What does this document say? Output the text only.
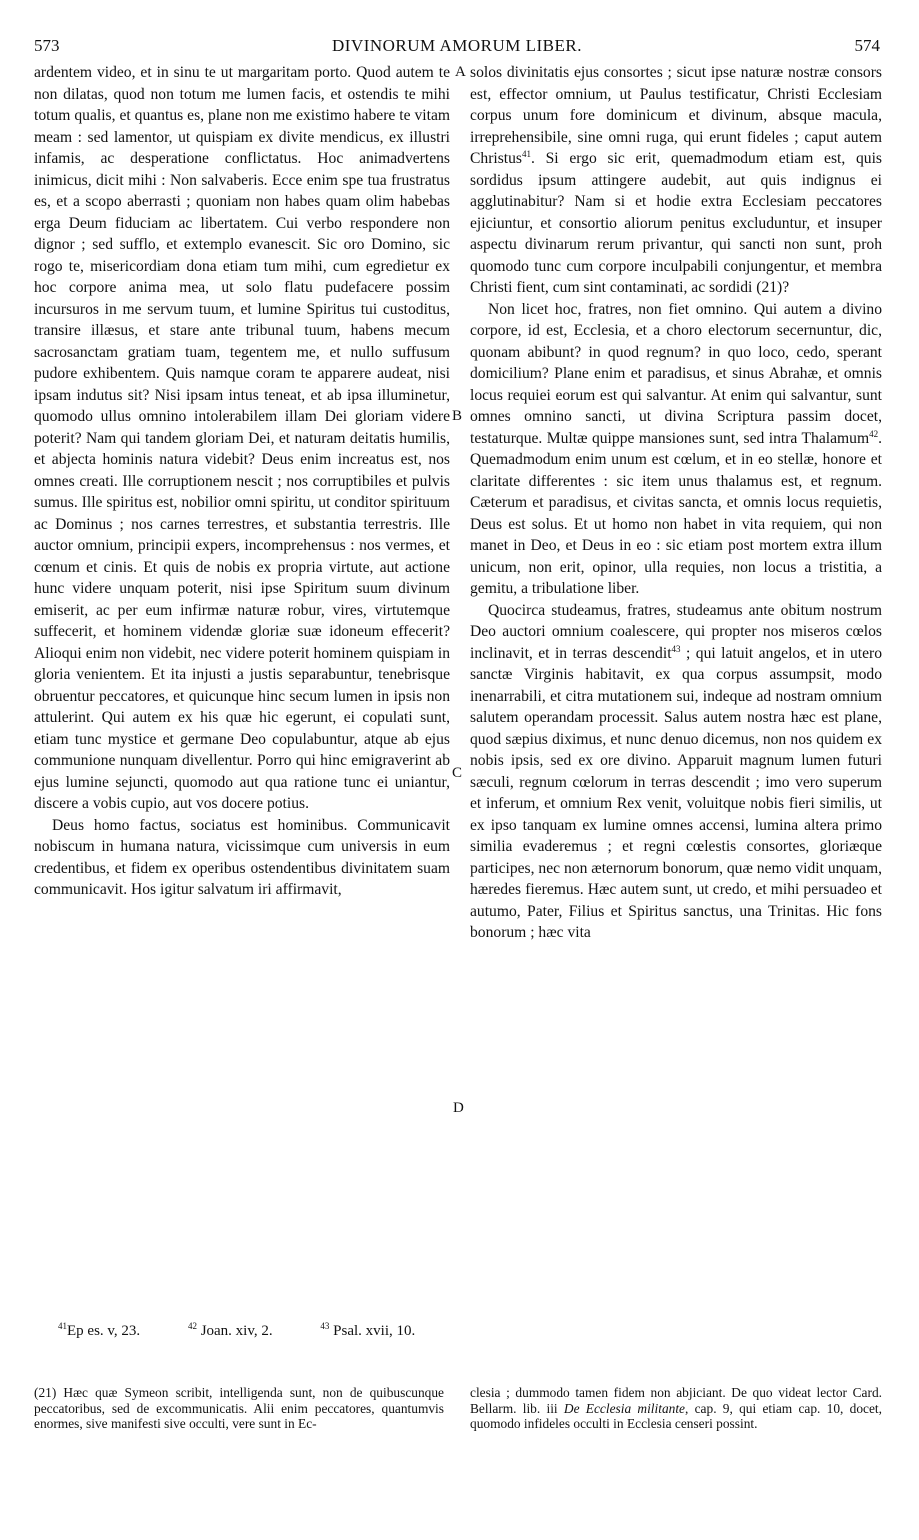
573	DIVINORUM AMORUM LIBER.	574

ardentem video, et in sinu te ut margaritam porto. Quod autem te non dilatas, quod non totum me lumen facis, et ostendis te mihi totum qualis, et quantus es, plane non me existimo habere te vitam meam : sed lamentor, ut quispiam ex divite mendicus, ex illustri infamis, ac desperatione conflictatus. Hoc animadvertens inimicus, dicit mihi : Non salvaberis. Ecce enim spe tua frustratus es, et a scopo aberrasti ; quoniam non habes quam olim habebas erga Deum fiduciam ac libertatem. Cui verbo respondere non dignor ; sed sufflo, et extemplo evanescit. Sic oro Domino, sic rogo te, misericordiam dona etiam tum mihi, cum egredietur ex hoc corpore anima mea, ut solo flatu pudefacere possim incursuros in me servum tuum, et lumine Spiritus tui custoditus, transire illæsus, et stare ante tribunal tuum, habens mecum sacrosanctam gratiam tuam, tegentem me, et nullo suffusum pudore exhibentem. Quis namque coram te apparere audeat, nisi ipsam indutus sit? Nisi ipsam intus teneat, et ab ipsa illuminetur, quomodo ullus omnino intolerabilem illam Dei gloriam videre poterit? Nam qui tandem gloriam Dei, et naturam deitatis humilis, et abjecta hominis natura videbit? Deus enim increatus est, nos omnes creati. Ille corruptionem nescit ; nos corruptibiles et pulvis sumus. Ille spiritus est, nobilior omni spiritu, ut conditor spirituum ac Dominus ; nos carnes terrestres, et substantia terrestris. Ille auctor omnium, principii expers, incomprehensus : nos vermes, et cœnum et cinis. Et quis de nobis ex propria virtute, aut actione hunc videre unquam poterit, nisi ipse Spiritum suum divinum emiserit, ac per eum infirmæ naturæ robur, vires, virtutemque suffecerit, et hominem videndæ gloriæ suæ idoneum effecerit? Alioqui enim non videbit, nec videre poterit hominem quispiam in gloria venientem. Et ita injusti a justis separabuntur, tenebrisque obruentur peccatores, et quicunque hinc secum lumen in ipsis non attulerint. Qui autem ex his quæ hic egerunt, ei copulati sunt, etiam tunc mystice et germane Deo copulabuntur, atque ab ejus communione nunquam divellentur. Porro qui hinc emigraverint ab ejus lumine sejuncti, quomodo aut qua ratione tunc ei uniantur, discere a vobis cupio, aut vos docere potius.

Deus homo factus, sociatus est hominibus. Communicavit nobiscum in humana natura, vicissimque cum universis in eum credentibus, et fidem ex operibus ostendentibus divinitatem suam communicavit. Hos igitur salvatum iri affirmavit,

A
B
C
D

solos divinitatis ejus consortes ; sicut ipse naturæ nostræ consors est, effector omnium, ut Paulus testificatur, Christi Ecclesiam corpus unum fore dominicum et divinum, absque macula, irreprehensibile, sine omni ruga, qui erunt fideles ; caput autem Christus$^{41}$. Si ergo sic erit, quemadmodum etiam est, quis sordidus ipsum attingere audebit, aut quis indignus ei agglutinabitur? Nam si et hodie extra Ecclesiam peccatores ejiciuntur, et consortio aliorum penitus excluduntur, et insuper aspectu divinarum rerum privantur, qui sancti non sunt, proh quomodo tunc cum corpore inculpabili conjungentur, et membra Christi fient, cum sint contaminati, ac sordidi (21)?

Non licet hoc, fratres, non fiet omnino. Qui autem a divino corpore, id est, Ecclesia, et a choro electorum secernuntur, dic, quonam abibunt? in quod regnum? in quo loco, cedo, sperant domicilium? Plane enim et paradisus, et sinus Abrahæ, et omnis locus requiei eorum est qui salvantur. At enim qui salvantur, sunt omnes omnino sancti, ut divina Scriptura passim docet, testaturque. Multæ quippe mansiones sunt, sed intra Thalamum$^{42}$. Quemadmodum enim unum est cœlum, et in eo stellæ, honore et claritate differentes : sic item unus thalamus est, et regnum. Cæterum et paradisus, et civitas sancta, et omnis locus requietis, Deus est solus. Et ut homo non habet in vita requiem, qui non manet in Deo, et Deus in eo : sic etiam post mortem extra illum unicum, non erit, opinor, ulla requies, non locus a tristitia, a gemitu, a tribulatione liber.

Quocirca studeamus, fratres, studeamus ante obitum nostrum Deo auctori omnium coalescere, qui propter nos miseros cœlos inclinavit, et in terras descendit$^{43}$ ; qui latuit angelos, et in utero sanctæ Virginis habitavit, ex qua corpus assumpsit, modo inenarrabili, et citra mutationem sui, indeque ad nostram omnium salutem operandam processit. Salus autem nostra hæc est plane, quod sæpius diximus, et nunc denuo dicemus, non nos quidem ex nobis ipsis, sed ex ore divino. Apparuit magnum lumen futuri sæculi, regnum cœlorum in terras descendit ; imo vero superum et inferum, et omnium Rex venit, voluitque nobis fieri similis, ut ex ipso tanquam ex lumine omnes accensi, lumina altera primo similia evaderemus ; et regni cœlestis consortes, gloriæque participes, nec non æternorum bonorum, quæ nemo vidit unquam, hæredes fieremus. Hæc autem sunt, ut credo, et mihi persuadeo et autumo, Pater, Filius et Spiritus sanctus, una Trinitas. Hic fons bonorum ; hæc vita

$^{41}$Ep es. v, 23.	$^{42}$ Joan. xiv, 2.	$^{43}$ Psal. xvii, 10.

(21) Hæc quæ Symeon scribit, intelligenda sunt, non de quibuscunque peccatoribus, sed de excommunicatis. Alii enim peccatores, quantumvis enormes, sive manifesti sive occulti, vere sunt in Ec-

clesia ; dummodo tamen fidem non abjiciant. De quo videat lector Card. Bellarm. lib. iii De Ecclesia militante, cap. 9, qui etiam cap. 10, docet, quomodo infideles occulti in Ecclesia censeri possint.
